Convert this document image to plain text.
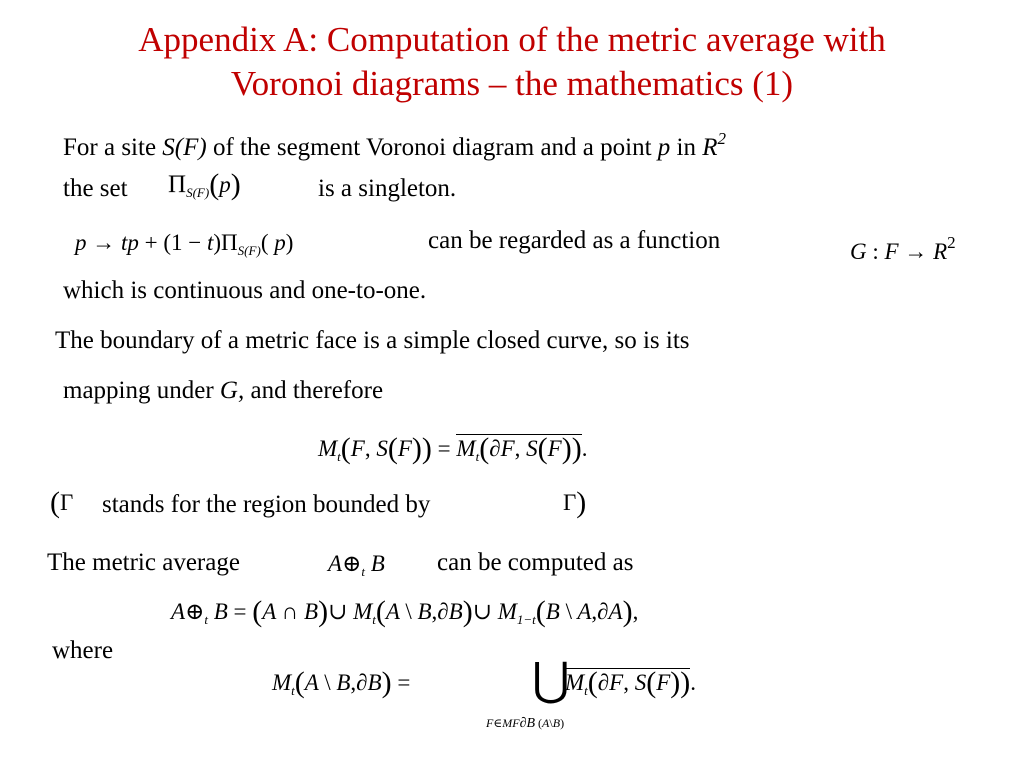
Appendix A: Computation of the metric average with
Voronoi diagrams – the mathematics (1)
For a site S(F) of the segment Voronoi diagram and a point p in $R^2$
the set $\Pi_{S(F)}(p)$	is a singleton.
p → tp + $(1 - t)\Pi_{S(F)}$( p)	can be regarded as a function	G : $F \to R^2$
which is continuous and one-to-one.
The boundary of a metric face is a simple closed curve, so is its
mapping under G, and therefore
$M_t(F$, $S(F)) = M_t(\partial F$, S(F)).
(Γ stands for the region bounded by	Γ)
The metric average	$A\oplus_t$ B can be computed as
$A\oplus_t$ B = (A ∩ B)∪ $M_t(A$ \ B,∂B)∪ $M_{1-t}(B$ \ A,∂A),
where
$M_t(A$ \ B,∂B) =	⋃
$M_t(\partial F$, S(F)).
F∈MF∂B (A\B)
